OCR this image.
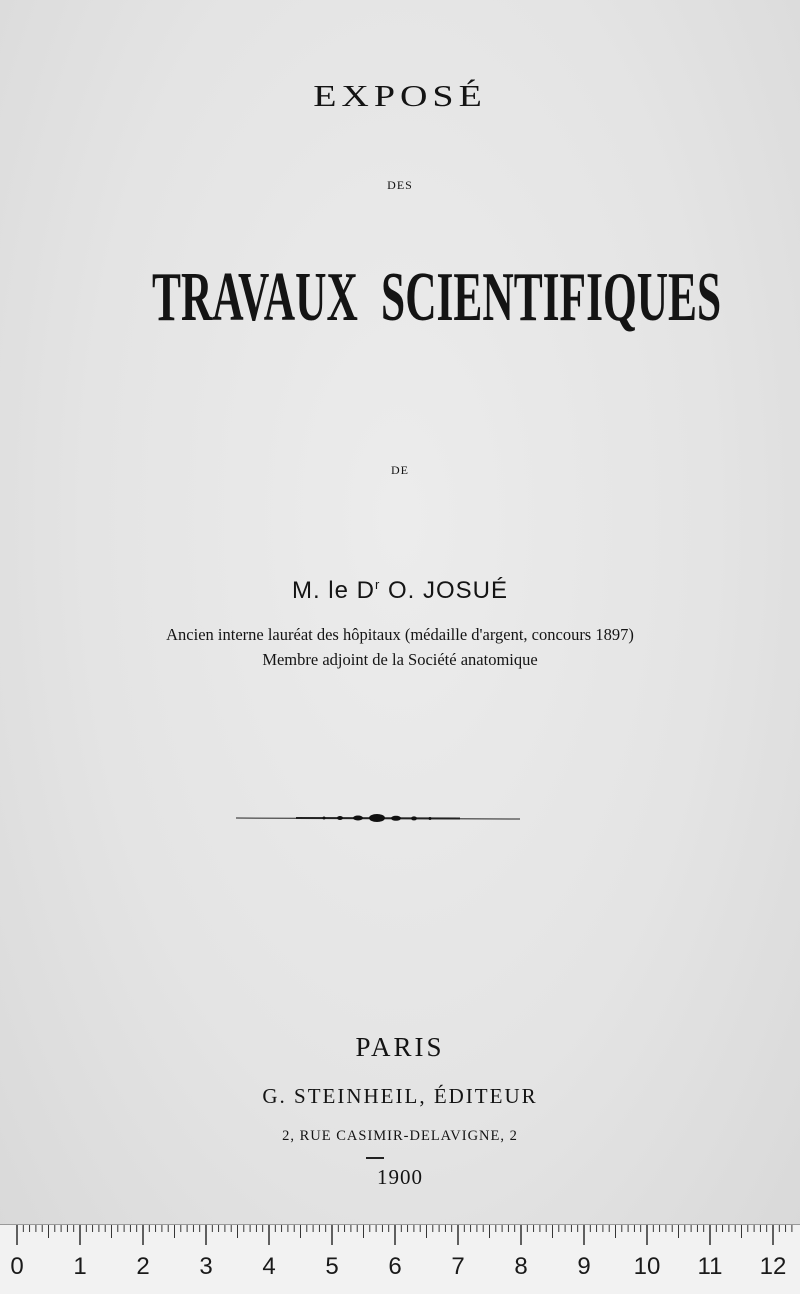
EXPOSÉ
DES
TRAVAUX SCIENTIFIQUES
DE
M. le $D^r$ O. JOSUÉ
Ancien interne lauréat des hôpitaux (médaille d'argent, concours 1897)
Membre adjoint de la Société anatomique
PARIS
G. STEINHEIL, ÉDITEUR
2, RUE CASIMIR-DELAVIGNE, 2
1900
0 1 2 3 4 5 6 7 8 9 10 11 12
